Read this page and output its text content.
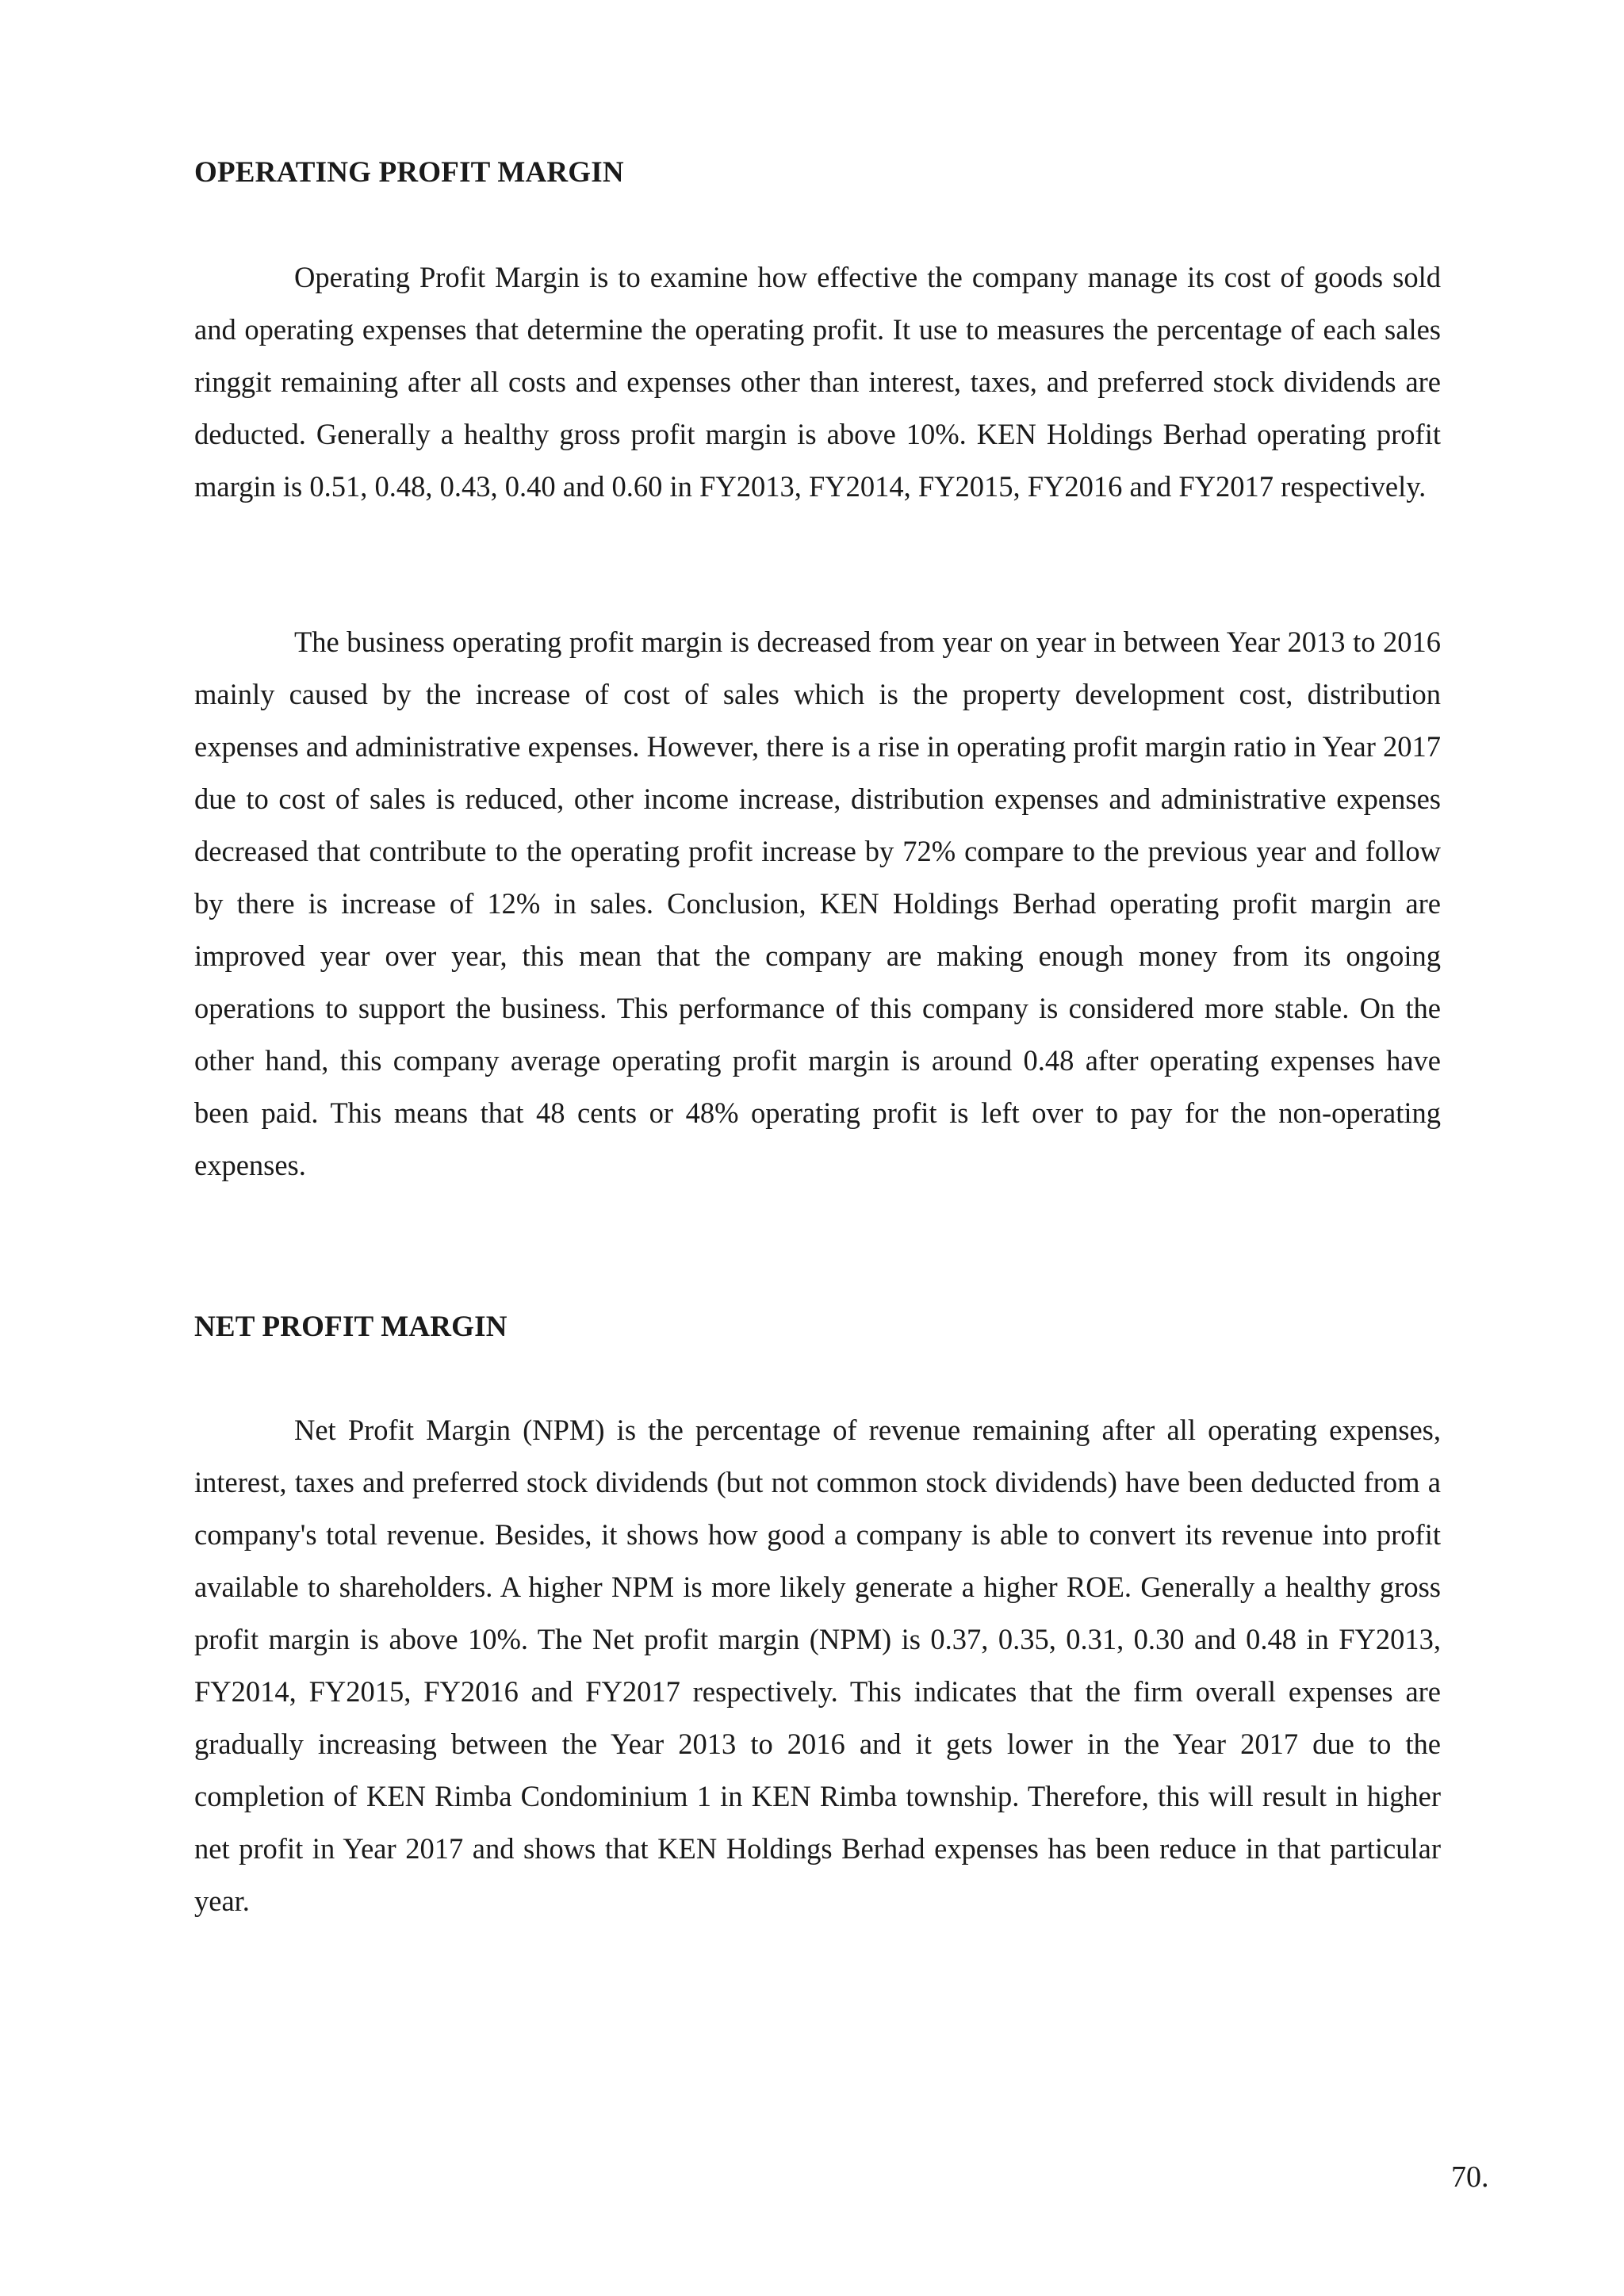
OPERATING PROFIT MARGIN

Operating Profit Margin is to examine how effective the company manage its cost of goods sold and operating expenses that determine the operating profit. It use to measures the percentage of each sales ringgit remaining after all costs and expenses other than interest, taxes, and preferred stock dividends are deducted. Generally a healthy gross profit margin is above 10%. KEN Holdings Berhad operating profit margin is 0.51, 0.48, 0.43, 0.40 and 0.60 in FY2013, FY2014, FY2015, FY2016 and FY2017 respectively.

The business operating profit margin is decreased from year on year in between Year 2013 to 2016 mainly caused by the increase of cost of sales which is the property development cost, distribution expenses and administrative expenses. However, there is a rise in operating profit margin ratio in Year 2017 due to cost of sales is reduced, other income increase, distribution expenses and administrative expenses decreased that contribute to the operating profit increase by 72% compare to the previous year and follow by there is increase of 12% in sales. Conclusion, KEN Holdings Berhad operating profit margin are improved year over year, this mean that the company are making enough money from its ongoing operations to support the business. This performance of this company is considered more stable. On the other hand, this company average operating profit margin is around 0.48 after operating expenses have been paid. This means that 48 cents or 48% operating profit is left over to pay for the non-operating expenses.

NET PROFIT MARGIN

Net Profit Margin (NPM) is the percentage of revenue remaining after all operating expenses, interest, taxes and preferred stock dividends (but not common stock dividends) have been deducted from a company's total revenue. Besides, it shows how good a company is able to convert its revenue into profit available to shareholders. A higher NPM is more likely generate a higher ROE. Generally a healthy gross profit margin is above 10%. The Net profit margin (NPM) is 0.37, 0.35, 0.31, 0.30 and 0.48 in FY2013, FY2014, FY2015, FY2016 and FY2017 respectively. This indicates that the firm overall expenses are gradually increasing between the Year 2013 to 2016 and it gets lower in the Year 2017 due to the completion of KEN Rimba Condominium 1 in KEN Rimba township. Therefore, this will result in higher net profit in Year 2017 and shows that KEN Holdings Berhad expenses has been reduce in that particular year.

70.
